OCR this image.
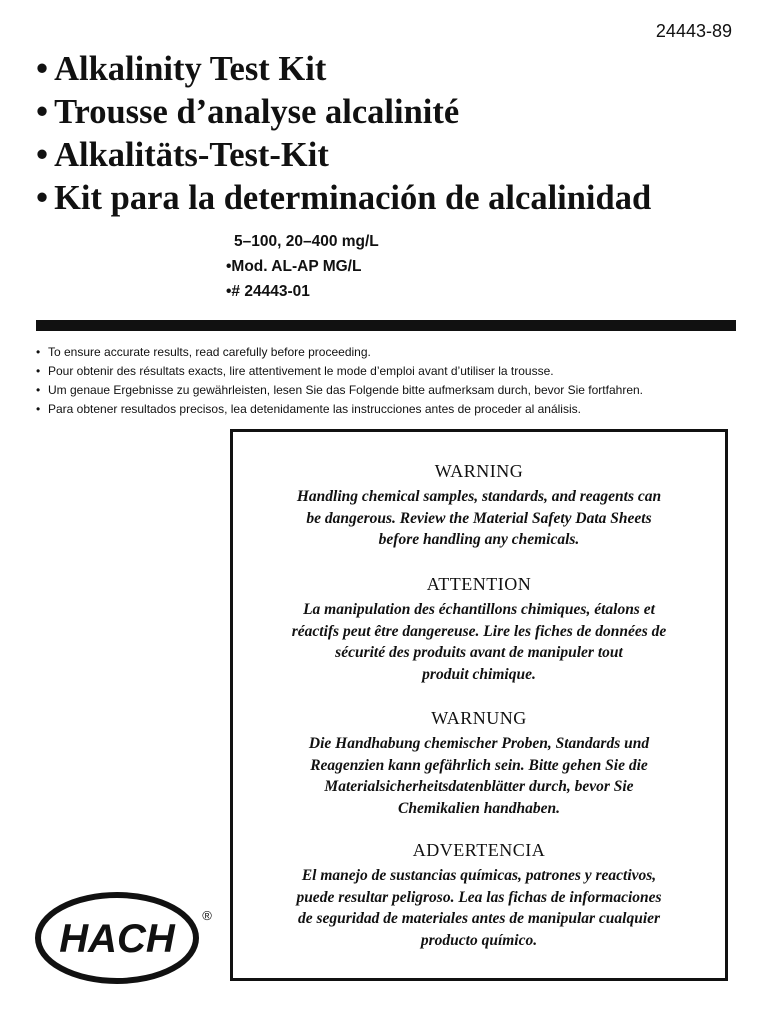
24443-89
• Alkalinity Test Kit
• Trousse d’analyse alcalinité
• Alkalitäts-Test-Kit
• Kit para la determinación de alcalinidad
5–100, 20–400 mg/L
•Mod. AL-AP MG/L
•# 24443-01
• To ensure accurate results, read carefully before proceeding.
• Pour obtenir des résultats exacts, lire attentivement le mode d’emploi avant d’utiliser la trousse.
• Um genaue Ergebnisse zu gewährleisten, lesen Sie das Folgende bitte aufmerksam durch, bevor Sie fortfahren.
• Para obtener resultados precisos, lea detenidamente las instrucciones antes de proceder al análisis.
WARNING
Handling chemical samples, standards, and reagents can
be dangerous. Review the Material Safety Data Sheets
before handling any chemicals.
ATTENTION
La manipulation des échantillons chimiques, étalons et
réactifs peut être dangereuse. Lire les fiches de données de
sécurité des produits avant de manipuler tout
produit chimique.
WARNUNG
Die Handhabung chemischer Proben, Standards und
Reagenzien kann gefährlich sein. Bitte gehen Sie die
Materialsicherheitsdatenblätter durch, bevor Sie
Chemikalien handhaben.
ADVERTENCIA
El manejo de sustancias químicas, patrones y reactivos,
puede resultar peligroso. Lea las fichas de informaciones
de seguridad de materiales antes de manipular cualquier
producto químico.
HACH
®
